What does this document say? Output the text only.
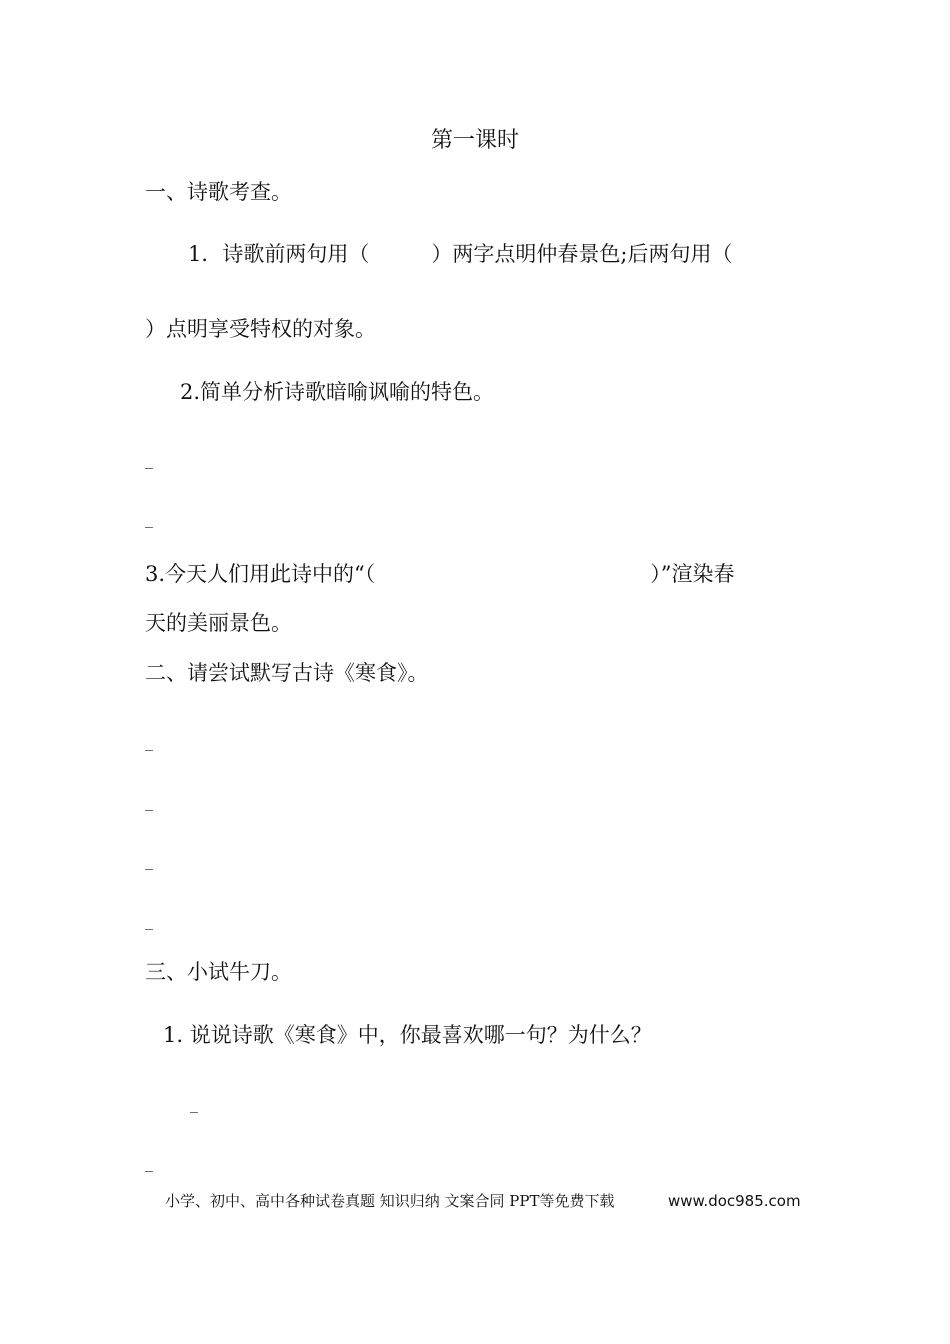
第一课时
一、诗歌考查。
1．诗歌前两句用（	）两字点明仲春景色;后两句用（
）点明享受特权的对象。
2.简单分析诗歌暗喻讽喻的特色。
_
_
3.今天人们用此诗中的“（	）”渲染春
天的美丽景色。
二、请尝试默写古诗《寒食》。
_
_
_
_
三、小试牛刀。
1. 说说诗歌《寒食》中，你最喜欢哪一句？为什么？
_
_
小学、初中、高中各种试卷真题 知识归纳 文案合同 PPT等免费下载	www.doc985.com
